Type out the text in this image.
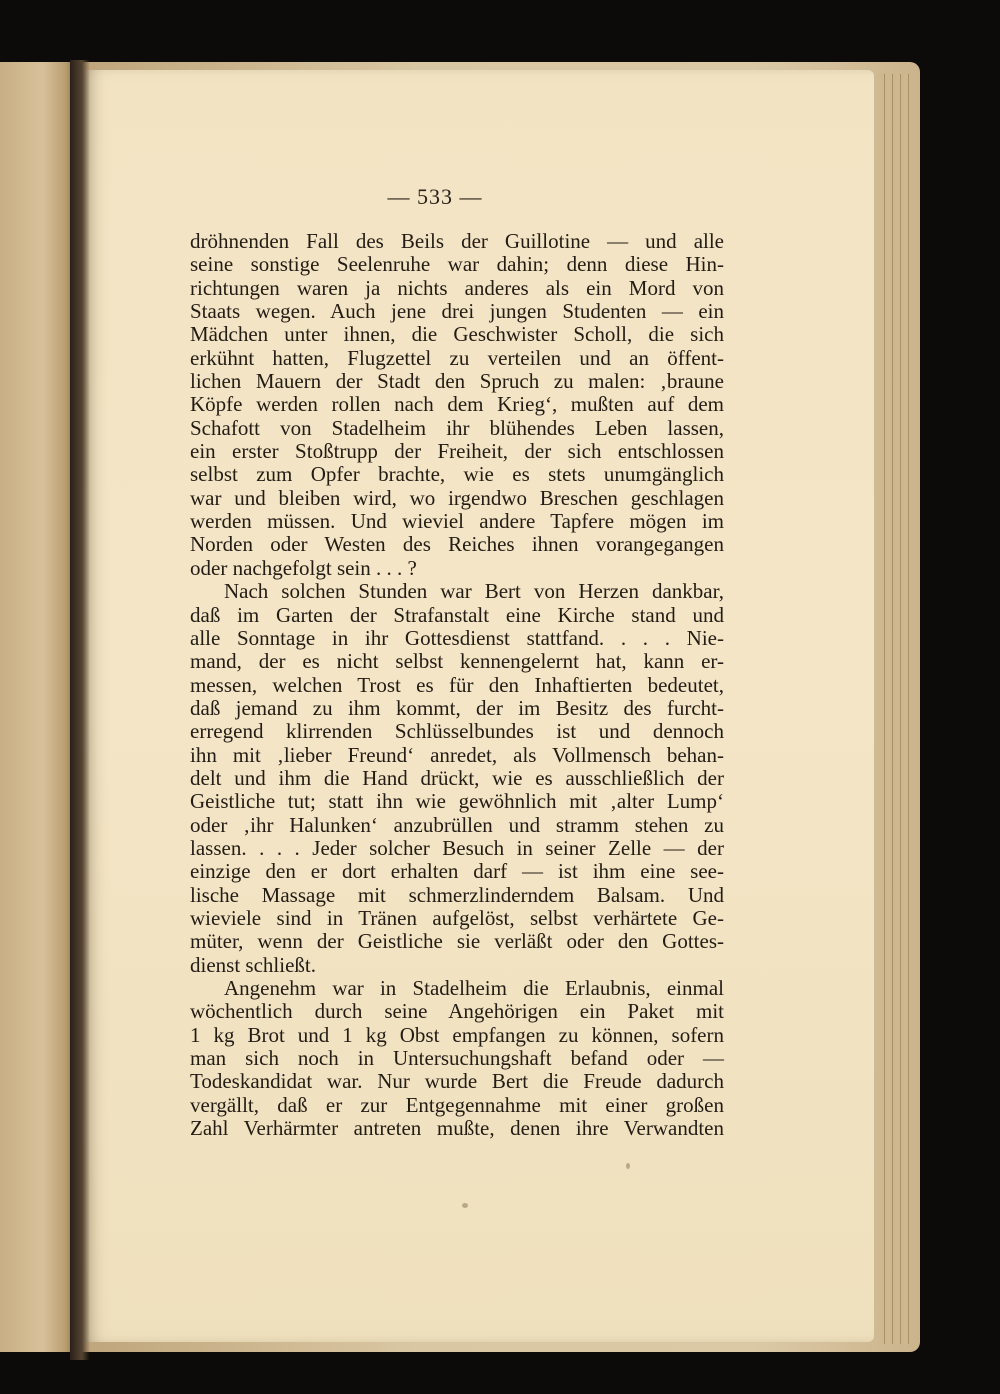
— 533 —
dröhnenden Fall des Beils der Guillotine — und alle
seine sonstige Seelenruhe war dahin; denn diese Hin-
richtungen waren ja nichts anderes als ein Mord von
Staats wegen. Auch jene drei jungen Studenten — ein
Mädchen unter ihnen, die Geschwister Scholl, die sich
erkühnt hatten, Flugzettel zu verteilen und an öffent-
lichen Mauern der Stadt den Spruch zu malen: ‚braune
Köpfe werden rollen nach dem Krieg‘, mußten auf dem
Schafott von Stadelheim ihr blühendes Leben lassen,
ein erster Stoßtrupp der Freiheit, der sich entschlossen
selbst zum Opfer brachte, wie es stets unumgänglich
war und bleiben wird, wo irgendwo Breschen geschlagen
werden müssen. Und wieviel andere Tapfere mögen im
Norden oder Westen des Reiches ihnen vorangegangen
oder nachgefolgt sein . . . ?
Nach solchen Stunden war Bert von Herzen dankbar,
daß im Garten der Strafanstalt eine Kirche stand und
alle Sonntage in ihr Gottesdienst stattfand. . . . Nie-
mand, der es nicht selbst kennengelernt hat, kann er-
messen, welchen Trost es für den Inhaftierten bedeutet,
daß jemand zu ihm kommt, der im Besitz des furcht-
erregend klirrenden Schlüsselbundes ist und dennoch
ihn mit ‚lieber Freund‘ anredet, als Vollmensch behan-
delt und ihm die Hand drückt, wie es ausschließlich der
Geistliche tut; statt ihn wie gewöhnlich mit ‚alter Lump‘
oder ‚ihr Halunken‘ anzubrüllen und stramm stehen zu
lassen. . . . Jeder solcher Besuch in seiner Zelle — der
einzige den er dort erhalten darf — ist ihm eine see-
lische Massage mit schmerzlinderndem Balsam. Und
wieviele sind in Tränen aufgelöst, selbst verhärtete Ge-
müter, wenn der Geistliche sie verläßt oder den Gottes-
dienst schließt.
Angenehm war in Stadelheim die Erlaubnis, einmal
wöchentlich durch seine Angehörigen ein Paket mit
1 kg Brot und 1 kg Obst empfangen zu können, sofern
man sich noch in Untersuchungshaft befand oder —
Todeskandidat war. Nur wurde Bert die Freude dadurch
vergällt, daß er zur Entgegennahme mit einer großen
Zahl Verhärmter antreten mußte, denen ihre Verwandten
